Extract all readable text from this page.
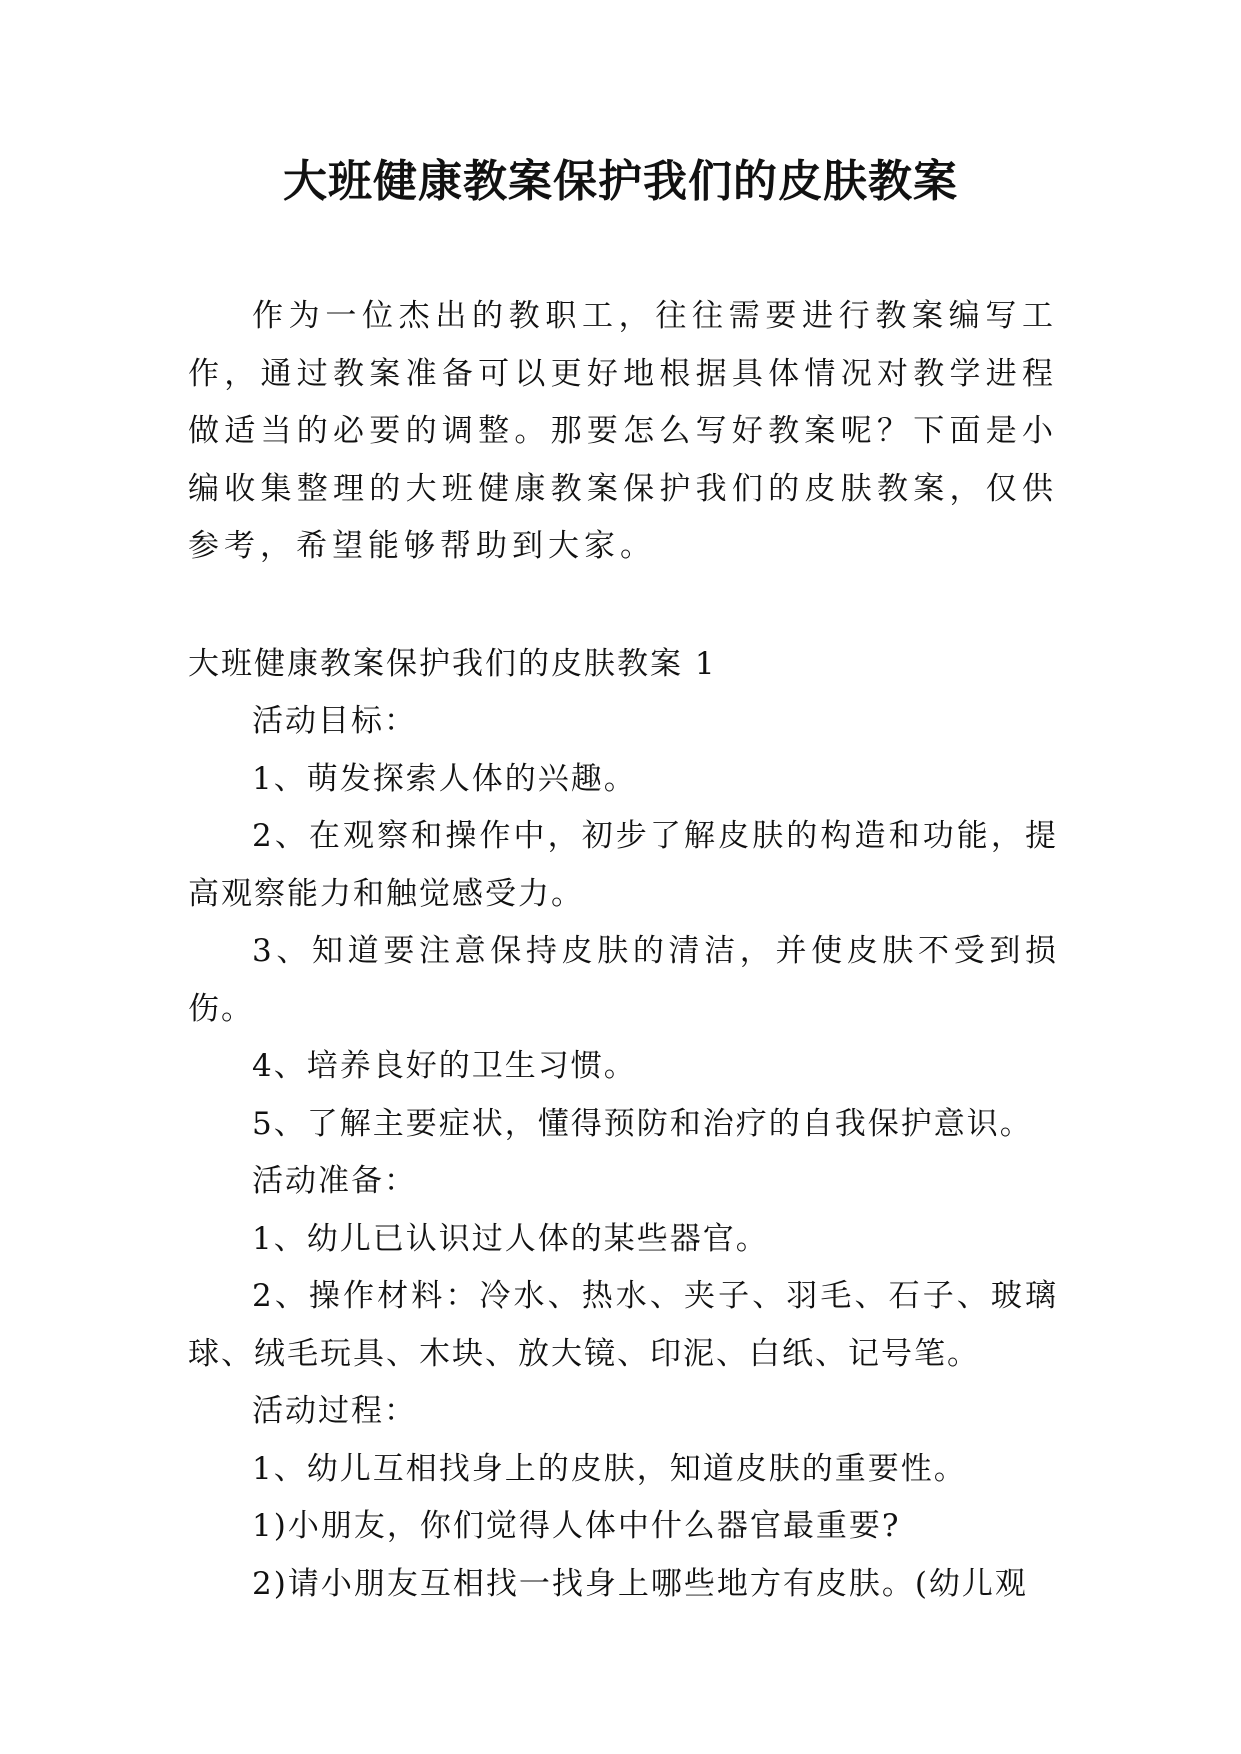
大班健康教案保护我们的皮肤教案

作为一位杰出的教职工，往往需要进行教案编写工作，通过教案准备可以更好地根据具体情况对教学进程做适当的必要的调整。那要怎么写好教案呢？下面是小编收集整理的大班健康教案保护我们的皮肤教案，仅供参考，希望能够帮助到大家。

大班健康教案保护我们的皮肤教案 1

活动目标：

1、萌发探索人体的兴趣。

2、在观察和操作中，初步了解皮肤的构造和功能，提高观察能力和触觉感受力。

3、知道要注意保持皮肤的清洁，并使皮肤不受到损伤。

4、培养良好的卫生习惯。

5、了解主要症状，懂得预防和治疗的自我保护意识。

活动准备：

1、幼儿已认识过人体的某些器官。

2、操作材料：冷水、热水、夹子、羽毛、石子、玻璃球、绒毛玩具、木块、放大镜、印泥、白纸、记号笔。

活动过程：

1、幼儿互相找身上的皮肤，知道皮肤的重要性。

1)小朋友，你们觉得人体中什么器官最重要?

2)请小朋友互相找一找身上哪些地方有皮肤。(幼儿观
